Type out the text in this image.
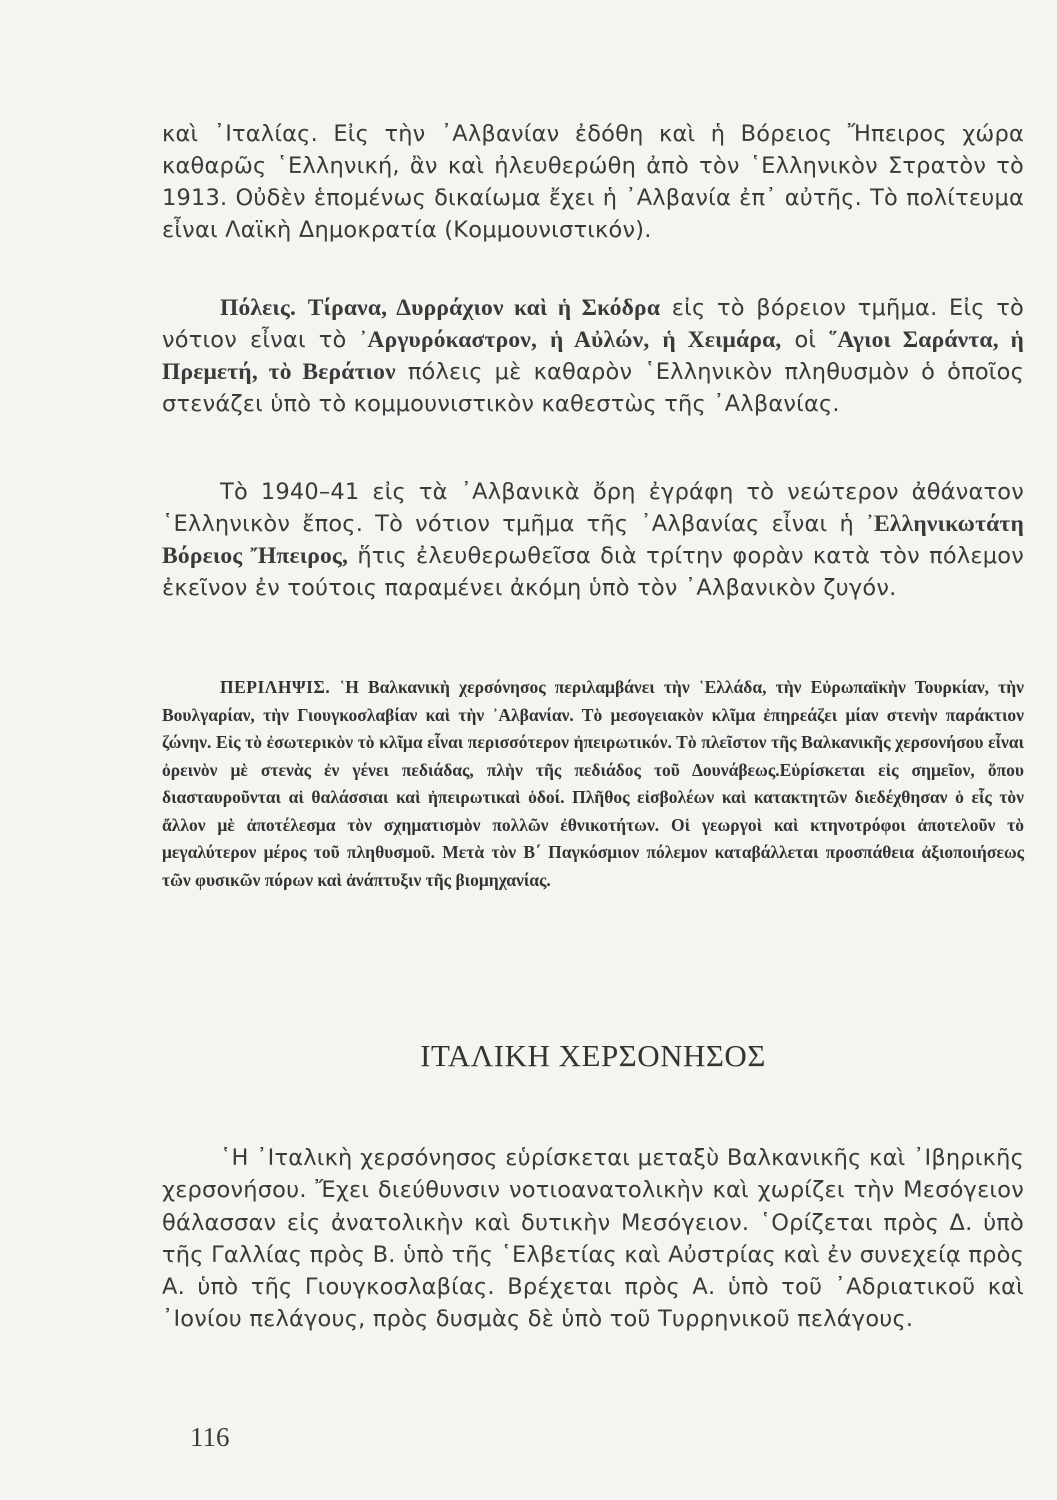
καὶ ᾿Ιταλίας. Εἰς τὴν ᾿Αλβανίαν ἐδόθη καὶ ἡ Βόρειος Ἤπειρος χώρα καθαρῶς ῾Ελληνική, ἂν καὶ ἠλευθερώθη ἀπὸ τὸν ῾Ελληνικὸν Στρατὸν τὸ 1913. Οὐδὲν ἑπομένως δικαίωμα ἔχει ἡ ᾿Αλβανία ἐπ᾿ αὐτῆς. Τὸ πολίτευμα εἶναι Λαϊκὴ Δημοκρατία (Κομμουνιστικόν).

Πόλεις. Τίρανα, Δυρράχιον καὶ ἡ Σκόδρα εἰς τὸ βόρειον τμῆμα. Εἰς τὸ νότιον εἶναι τὸ ᾿Αργυρόκαστρον, ἡ Αὐλών, ἡ Χειμάρα, οἱ ῞Αγιοι Σαράντα, ἡ Πρεμετή, τὸ Βεράτιον πόλεις μὲ καθαρὸν ῾Ελληνικὸν πληθυσμὸν ὁ ὁποῖος στενάζει ὑπὸ τὸ κομμουνιστικὸν καθεστὼς τῆς ᾿Αλβανίας.

Τὸ 1940–41 εἰς τὰ ᾿Αλβανικὰ ὄρη ἐγράφη τὸ νεώτερον ἀθάνατον ῾Ελληνικὸν ἔπος. Τὸ νότιον τμῆμα τῆς ᾿Αλβανίας εἶναι ἡ ᾿Ελληνικωτάτη Βόρειος Ἤπειρος, ἥτις ἐλευθερωθεῖσα διὰ τρίτην φορὰν κατὰ τὸν πόλεμον ἐκεῖνον ἐν τούτοις παραμένει ἀκόμη ὑπὸ τὸν ᾿Αλβανικὸν ζυγόν.

ΠΕΡΙΛΗΨΙΣ. ῾Η Βαλκανικὴ χερσόνησος περιλαμβάνει τὴν ῾Ελλάδα, τὴν Εὐρωπαϊκὴν Τουρκίαν, τὴν Βουλγαρίαν, τὴν Γιουγκοσλαβίαν καὶ τὴν ᾿Αλβανίαν. Τὸ μεσογειακὸν κλῖμα ἐπηρεάζει μίαν στενὴν παράκτιον ζώνην. Εἰς τὸ ἐσωτερικὸν τὸ κλῖμα εἶναι περισσότερον ἠπειρωτικόν. Τὸ πλεῖστον τῆς Βαλκανικῆς χερσονήσου εἶναι ὀρεινὸν μὲ στενὰς ἐν γένει πεδιάδας, πλὴν τῆς πεδιάδος τοῦ Δουνάβεως.Εὑρίσκεται εἰς σημεῖον, ὅπου διασταυροῦνται αἱ θαλάσσιαι καὶ ἠπειρωτικαὶ ὁδοί. Πλῆθος εἰσβολέων καὶ κατακτητῶν διεδέχθησαν ὁ εἷς τὸν ἄλλον μὲ ἀποτέλεσμα τὸν σχηματισμὸν πολλῶν ἐθνικοτήτων. Οἱ γεωργοὶ καὶ κτηνοτρόφοι ἀποτελοῦν τὸ μεγαλύτερον μέρος τοῦ πληθυσμοῦ. Μετὰ τὸν Β΄ Παγκόσμιον πόλεμον καταβάλλεται προσπάθεια ἀξιοποιήσεως τῶν φυσικῶν πόρων καὶ ἀνάπτυξιν τῆς βιομηχανίας.

ΙΤΑΛΙΚΗ ΧΕΡΣΟΝΗΣΟΣ

῾Η ᾿Ιταλικὴ χερσόνησος εὑρίσκεται μεταξὺ Βαλκανικῆς καὶ ᾿Ιβηρικῆς χερσονήσου. Ἔχει διεύθυνσιν νοτιοανατολικὴν καὶ χωρίζει τὴν Μεσόγειον θάλασσαν εἰς ἀνατολικὴν καὶ δυτικὴν Μεσόγειον. ῾Ορίζεται πρὸς Δ. ὑπὸ τῆς Γαλλίας πρὸς Β. ὑπὸ τῆς ῾Ελβετίας καὶ Αὐστρίας καὶ ἐν συνεχείᾳ πρὸς Α. ὑπὸ τῆς Γιουγκοσλαβίας. Βρέχεται πρὸς Α. ὑπὸ τοῦ ᾿Αδριατικοῦ καὶ ᾿Ιονίου πελάγους, πρὸς δυσμὰς δὲ ὑπὸ τοῦ Τυρρηνικοῦ πελάγους.

116
